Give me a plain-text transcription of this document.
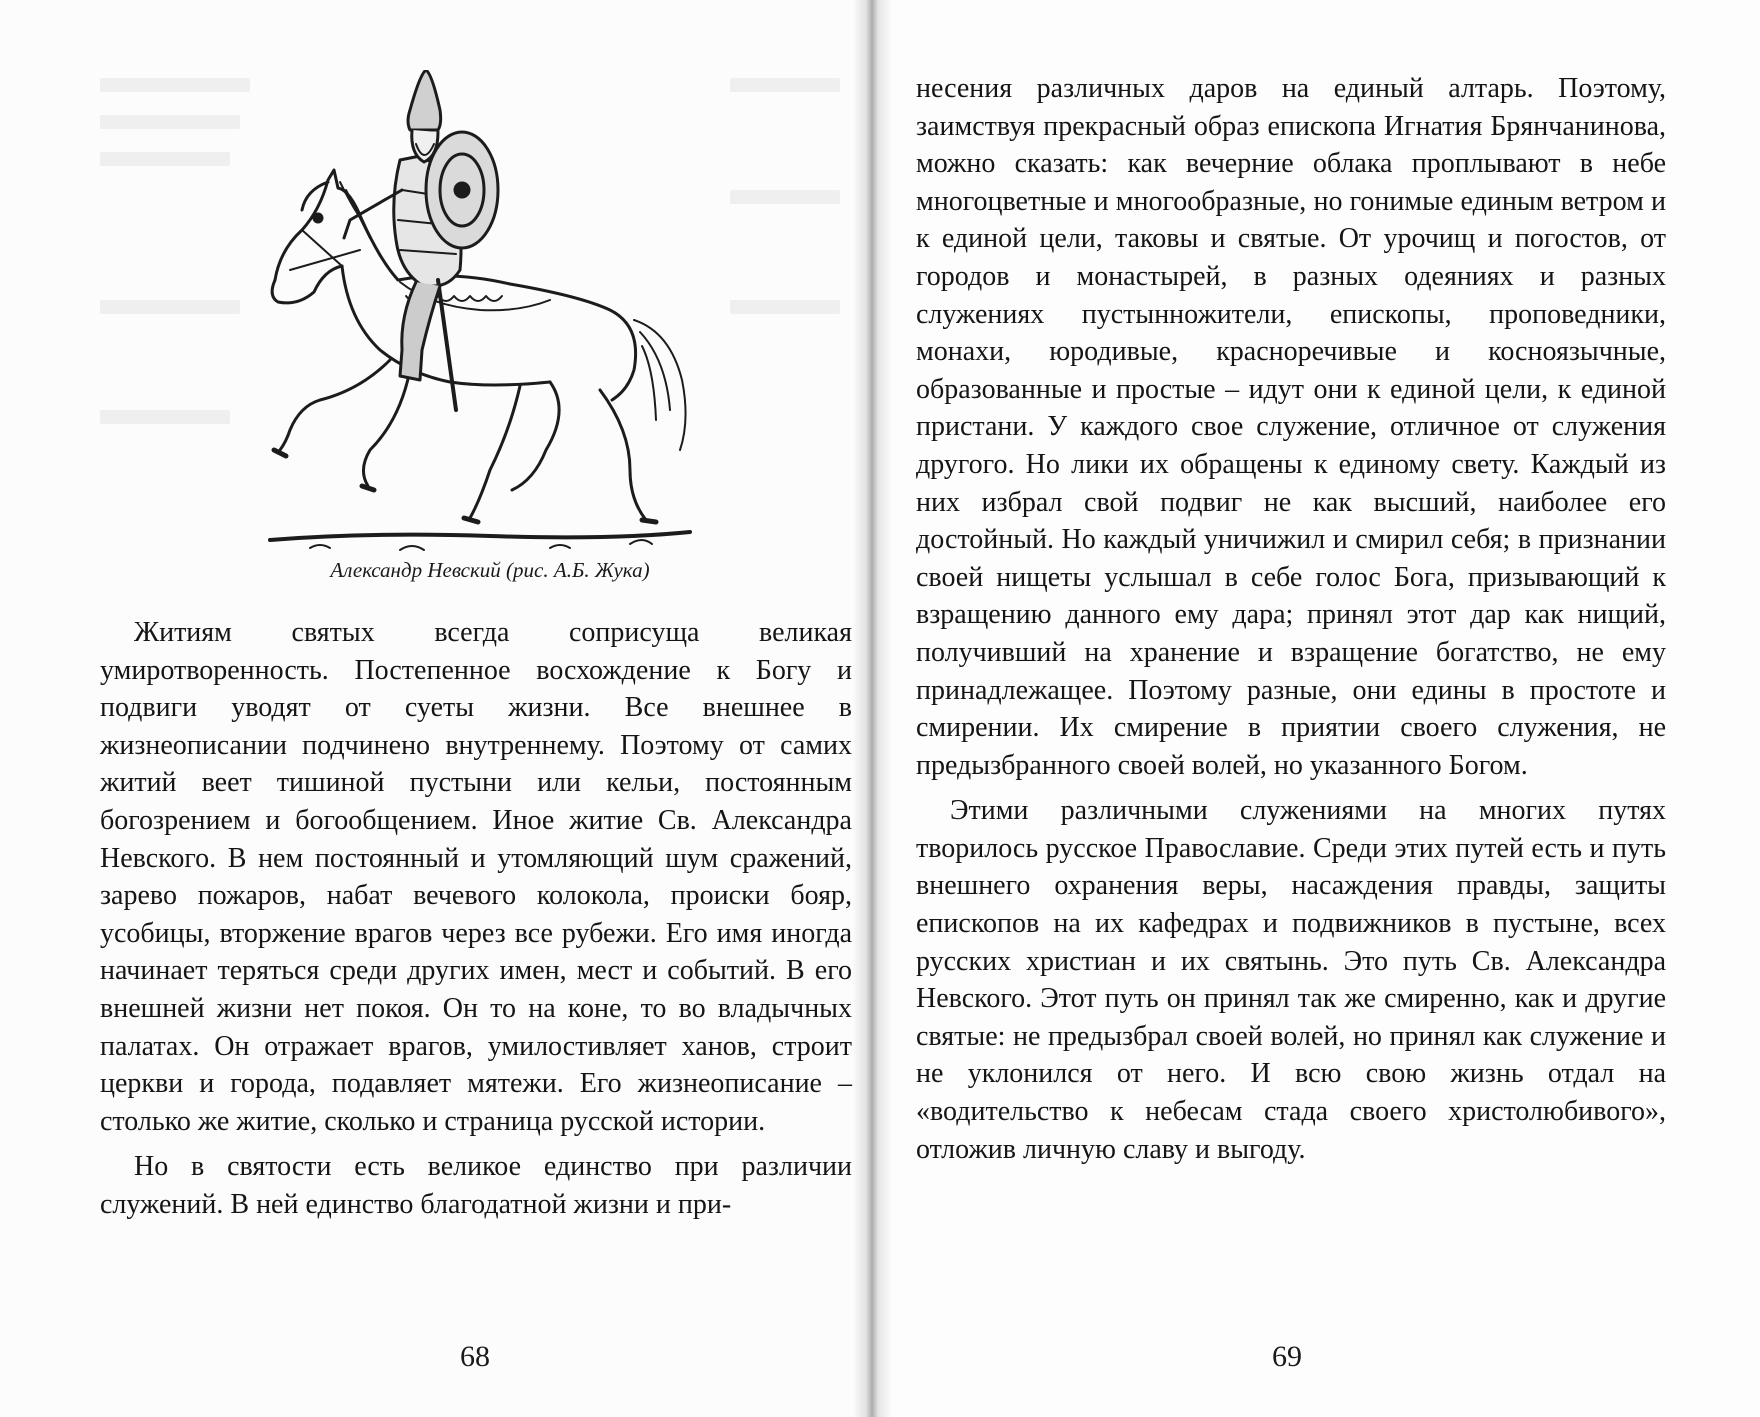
Александр Невский (рис. А.Б. Жука)

Житиям святых всегда соприсуща великая умиротворенность. Постепенное восхождение к Богу и подвиги уводят от суеты жизни. Все внешнее в жизнеописании подчинено внутреннему. Поэтому от самих житий веет тишиной пустыни или кельи, постоянным богозрением и богообщением. Иное житие Св. Александра Невского. В нем постоянный и утомляющий шум сражений, зарево пожаров, набат вечевого колокола, происки бояр, усобицы, вторжение врагов через все рубежи. Его имя иногда начинает теряться среди других имен, мест и событий. В его внешней жизни нет покоя. Он то на коне, то во владычных палатах. Он отражает врагов, умилостивляет ханов, строит церкви и города, подавляет мятежи. Его жизнеописание – столько же житие, сколько и страница русской истории.

Но в святости есть великое единство при различии служений. В ней единство благодатной жизни и при-

68

несения различных даров на единый алтарь. Поэтому, заимствуя прекрасный образ епископа Игнатия Брянчанинова, можно сказать: как вечерние облака проплывают в небе многоцветные и многообразные, но гонимые единым ветром и к единой цели, таковы и святые. От урочищ и погостов, от городов и монастырей, в разных одеяниях и разных служениях пустынножители, епископы, проповедники, монахи, юродивые, красноречивые и косноязычные, образованные и простые – идут они к единой цели, к единой пристани. У каждого свое служение, отличное от служения другого. Но лики их обращены к единому свету. Каждый из них избрал свой подвиг не как высший, наиболее его достойный. Но каждый уничижил и смирил себя; в признании своей нищеты услышал в себе голос Бога, призывающий к взращению данного ему дара; принял этот дар как нищий, получивший на хранение и взращение богатство, не ему принадлежащее. Поэтому разные, они едины в простоте и смирении. Их смирение в приятии своего служения, не предызбранного своей волей, но указанного Богом.

Этими различными служениями на многих путях творилось русское Православие. Среди этих путей есть и путь внешнего охранения веры, насаждения правды, защиты епископов на их кафедрах и подвижников в пустыне, всех русских христиан и их святынь. Это путь Св. Александра Невского. Этот путь он принял так же смиренно, как и другие святые: не предызбрал своей волей, но принял как служение и не уклонился от него. И всю свою жизнь отдал на «водительство к небесам стада своего христолюбивого», отложив личную славу и выгоду.

69
